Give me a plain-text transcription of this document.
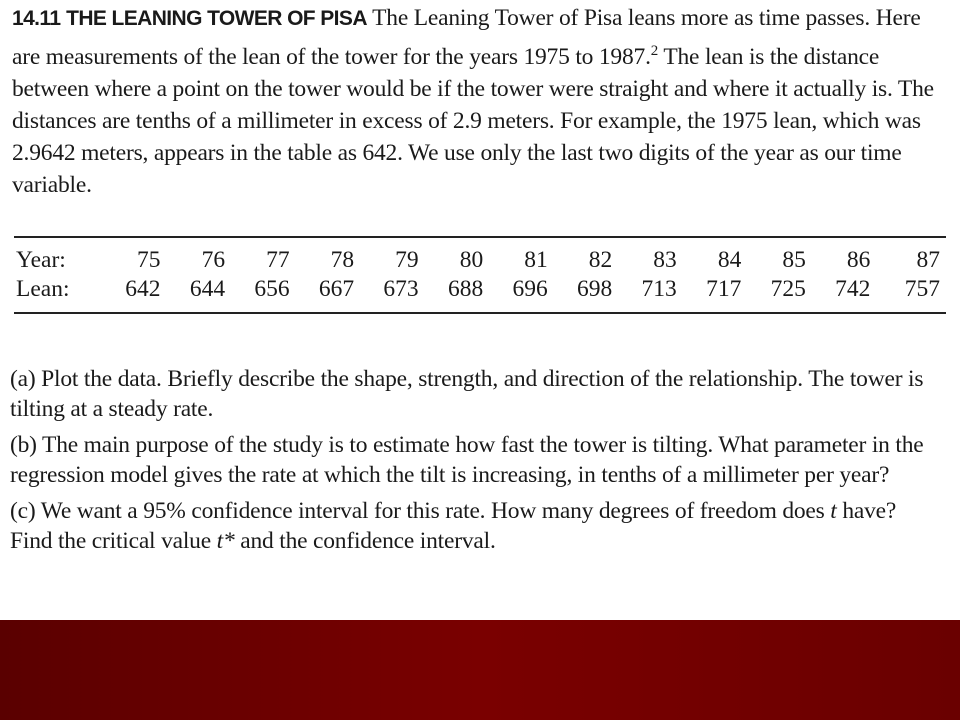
14.11 THE LEANING TOWER OF PISA The Leaning Tower of Pisa leans more as time passes. Here are measurements of the lean of the tower for the years 1975 to 1987.$^2$ The lean is the distance between where a point on the tower would be if the tower were straight and where it actually is. The distances are tenths of a millimeter in excess of 2.9 meters. For example, the 1975 lean, which was 2.9642 meters, appears in the table as 642. We use only the last two digits of the year as our time variable.

Year:	75	76	77	78	79	80	81	82	83	84	85	86	87
Lean:	642	644	656	667	673	688	696	698	713	717	725	742	757

(a) Plot the data. Briefly describe the shape, strength, and direction of the relationship. The tower is tilting at a steady rate.

(b) The main purpose of the study is to estimate how fast the tower is tilting. What parameter in the regression model gives the rate at which the tilt is increasing, in tenths of a millimeter per year?

(c) We want a 95% confidence interval for this rate. How many degrees of freedom does t have? Find the critical value t* and the confidence interval.
